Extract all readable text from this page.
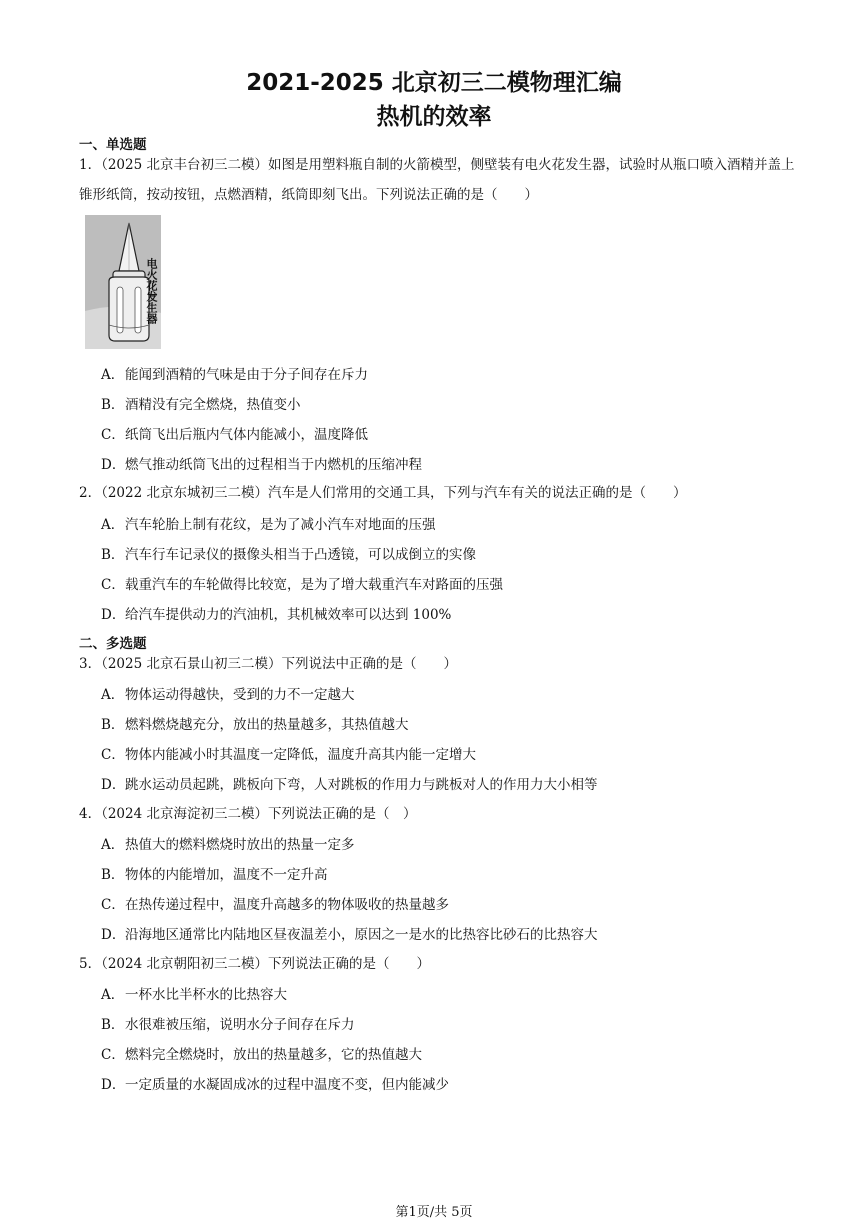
2021-2025 北京初三二模物理汇编
热机的效率
一、单选题
1．（2025 北京丰台初三二模）如图是用塑料瓶自制的火箭模型，侧壁装有电火花发生器，试验时从瓶口喷入酒精并盖上锥形纸筒，按动按钮，点燃酒精，纸筒即刻飞出。下列说法正确的是（　　）
电火花发生器
A．能闻到酒精的气味是由于分子间存在斥力
B．酒精没有完全燃烧，热值变小
C．纸筒飞出后瓶内气体内能减小，温度降低
D．燃气推动纸筒飞出的过程相当于内燃机的压缩冲程
2．（2022 北京东城初三二模）汽车是人们常用的交通工具，下列与汽车有关的说法正确的是（　　）
A．汽车轮胎上制有花纹，是为了减小汽车对地面的压强
B．汽车行车记录仪的摄像头相当于凸透镜，可以成倒立的实像
C．载重汽车的车轮做得比较宽，是为了增大载重汽车对路面的压强
D．给汽车提供动力的汽油机，其机械效率可以达到 100%
二、多选题
3．（2025 北京石景山初三二模）下列说法中正确的是（　　）
A．物体运动得越快，受到的力不一定越大
B．燃料燃烧越充分，放出的热量越多，其热值越大
C．物体内能减小时其温度一定降低，温度升高其内能一定增大
D．跳水运动员起跳，跳板向下弯，人对跳板的作用力与跳板对人的作用力大小相等
4．（2024 北京海淀初三二模）下列说法正确的是（　）
A．热值大的燃料燃烧时放出的热量一定多
B．物体的内能增加，温度不一定升高
C．在热传递过程中，温度升高越多的物体吸收的热量越多
D．沿海地区通常比内陆地区昼夜温差小，原因之一是水的比热容比砂石的比热容大
5．（2024 北京朝阳初三二模）下列说法正确的是（　　）
A．一杯水比半杯水的比热容大
B．水很难被压缩，说明水分子间存在斥力
C．燃料完全燃烧时，放出的热量越多，它的热值越大
D．一定质量的水凝固成冰的过程中温度不变，但内能减少
第1页/共 5页
